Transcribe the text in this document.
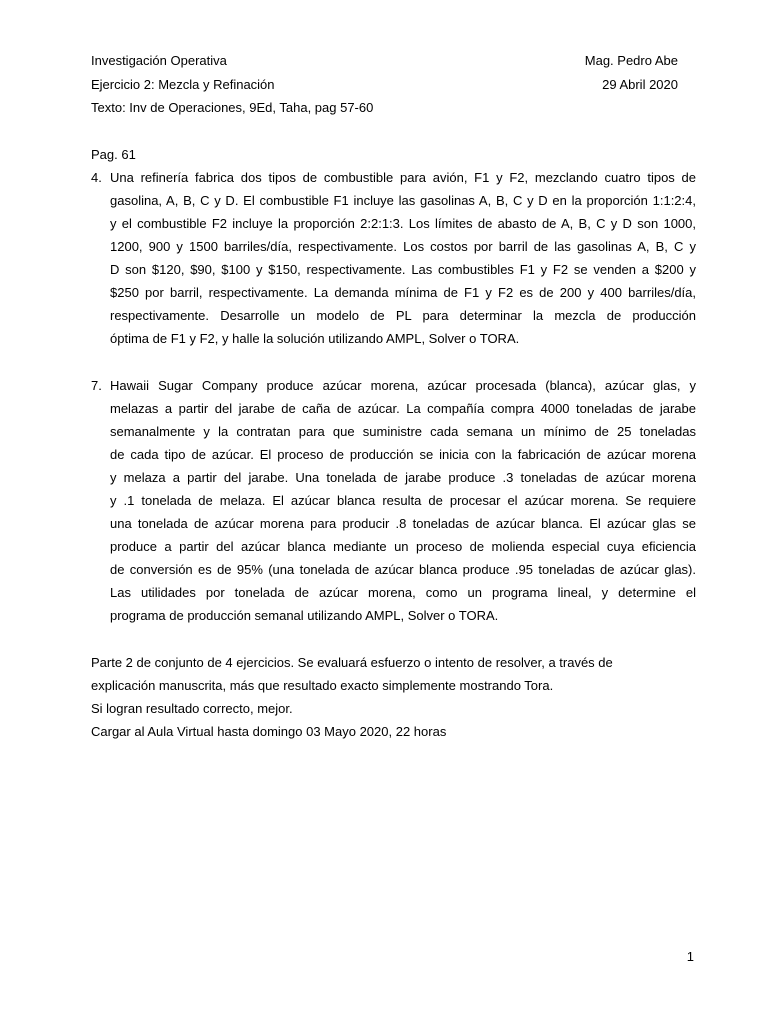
Investigación Operativa	Mag. Pedro Abe
Ejercicio 2: Mezcla y Refinación	29 Abril 2020
Texto: Inv de Operaciones, 9Ed, Taha, pag 57-60
Pag. 61
4. Una refinería fabrica dos tipos de combustible para avión, F1 y F2, mezclando cuatro tipos de

gasolina, A, B, C y D. El combustible F1 incluye las gasolinas A, B, C y D en la proporción 1:1:2:4,

y el combustible F2 incluye la proporción 2:2:1:3. Los límites de abasto de A, B, C y D son 1000,

1200, 900 y 1500 barriles/día, respectivamente. Los costos por barril de las gasolinas A, B, C y

D son $120, $90, $100 y $150, respectivamente. Las combustibles F1 y F2 se venden a $200 y

$250 por barril, respectivamente. La demanda mínima de F1 y F2 es de 200 y 400 barriles/día,

respectivamente. Desarrolle un modelo de PL para determinar la mezcla de producción

óptima de F1 y F2, y halle la solución utilizando AMPL, Solver o TORA.

7. Hawaii Sugar Company produce azúcar morena, azúcar procesada (blanca), azúcar glas, y

melazas a partir del jarabe de caña de azúcar. La compañía compra 4000 toneladas de jarabe

semanalmente y la contratan para que suministre cada semana un mínimo de 25 toneladas

de cada tipo de azúcar. El proceso de producción se inicia con la fabricación de azúcar morena

y melaza a partir del jarabe. Una tonelada de jarabe produce .3 toneladas de azúcar morena

y .1 tonelada de melaza. El azúcar blanca resulta de procesar el azúcar morena. Se requiere

una tonelada de azúcar morena para producir .8 toneladas de azúcar blanca. El azúcar glas se

produce a partir del azúcar blanca mediante un proceso de molienda especial cuya eficiencia

de conversión es de 95% (una tonelada de azúcar blanca produce .95 toneladas de azúcar glas).

Las utilidades por tonelada de azúcar morena, como un programa lineal, y determine el

programa de producción semanal utilizando AMPL, Solver o TORA.

Parte 2 de conjunto de 4 ejercicios. Se evaluará esfuerzo o intento de resolver, a través de

explicación manuscrita, más que resultado exacto simplemente mostrando Tora.

Si logran resultado correcto, mejor.

Cargar al Aula Virtual hasta domingo 03 Mayo 2020, 22 horas

1
